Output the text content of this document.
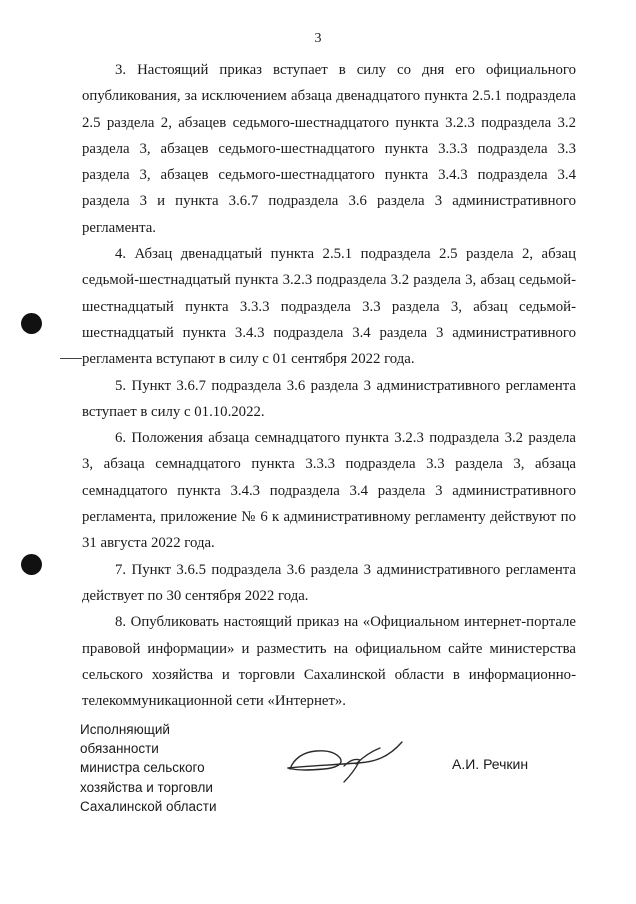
3

3. Настоящий приказ вступает в силу со дня его официального опубликования, за исключением абзаца двенадцатого пункта 2.5.1 подраздела 2.5 раздела 2, абзацев седьмого-шестнадцатого пункта 3.2.3 подраздела 3.2 раздела 3, абзацев седьмого-шестнадцатого пункта 3.3.3 подраздела 3.3 раздела 3, абзацев седьмого-шестнадцатого пункта 3.4.3 подраздела 3.4 раздела 3 и пункта 3.6.7 подраздела 3.6 раздела 3 административного регламента.

4. Абзац двенадцатый пункта 2.5.1 подраздела 2.5 раздела 2, абзац седьмой-шестнадцатый пункта 3.2.3 подраздела 3.2 раздела 3, абзац седьмой-шестнадцатый пункта 3.3.3 подраздела 3.3 раздела 3, абзац седьмой-шестнадцатый пункта 3.4.3 подраздела 3.4 раздела 3 административного регламента вступают в силу с 01 сентября 2022 года.

5. Пункт 3.6.7 подраздела 3.6 раздела 3 административного регламента вступает в силу с 01.10.2022.

6. Положения абзаца семнадцатого пункта 3.2.3 подраздела 3.2 раздела 3, абзаца семнадцатого пункта 3.3.3 подраздела 3.3 раздела 3, абзаца семнадцатого пункта 3.4.3 подраздела 3.4 раздела 3 административного регламента, приложение № 6 к административному регламенту действуют по 31 августа 2022 года.

7. Пункт 3.6.5 подраздела 3.6 раздела 3 административного регламента действует по 30 сентября 2022 года.

8. Опубликовать настоящий приказ на «Официальном интернет-портале правовой информации» и разместить на официальном сайте министерства сельского хозяйства и торговли Сахалинской области в информационно-телекоммуникационной сети «Интернет».

Исполняющий
обязанности
министра сельского
хозяйства и торговли
Сахалинской области
А.И. Речкин
